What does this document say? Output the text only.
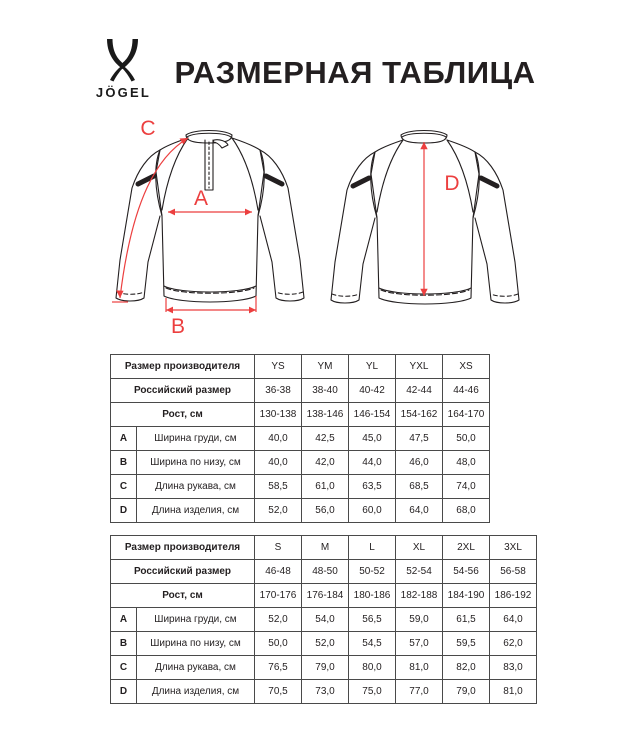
JÖGEL
РАЗМЕРНАЯ ТАБЛИЦА
A
B
C
D
Размер производителя		YS	YM	YL	YXL	XS
Российский размер		36-38	38-40	40-42	42-44	44-46
Рост, см		130-138	138-146	146-154	154-162	164-170
A	Ширина груди, см	40,0	42,5	45,0	47,5	50,0
B	Ширина по низу, см	40,0	42,0	44,0	46,0	48,0
C	Длина рукава, см	58,5	61,0	63,5	68,5	74,0
D	Длина изделия, см	52,0	56,0	60,0	64,0	68,0
Размер производителя		S	M	L	XL	2XL	3XL
Российский размер		46-48	48-50	50-52	52-54	54-56	56-58
Рост, см		170-176	176-184	180-186	182-188	184-190	186-192
A	Ширина груди, см	52,0	54,0	56,5	59,0	61,5	64,0
B	Ширина по низу, см	50,0	52,0	54,5	57,0	59,5	62,0
C	Длина рукава, см	76,5	79,0	80,0	81,0	82,0	83,0
D	Длина изделия, см	70,5	73,0	75,0	77,0	79,0	81,0
